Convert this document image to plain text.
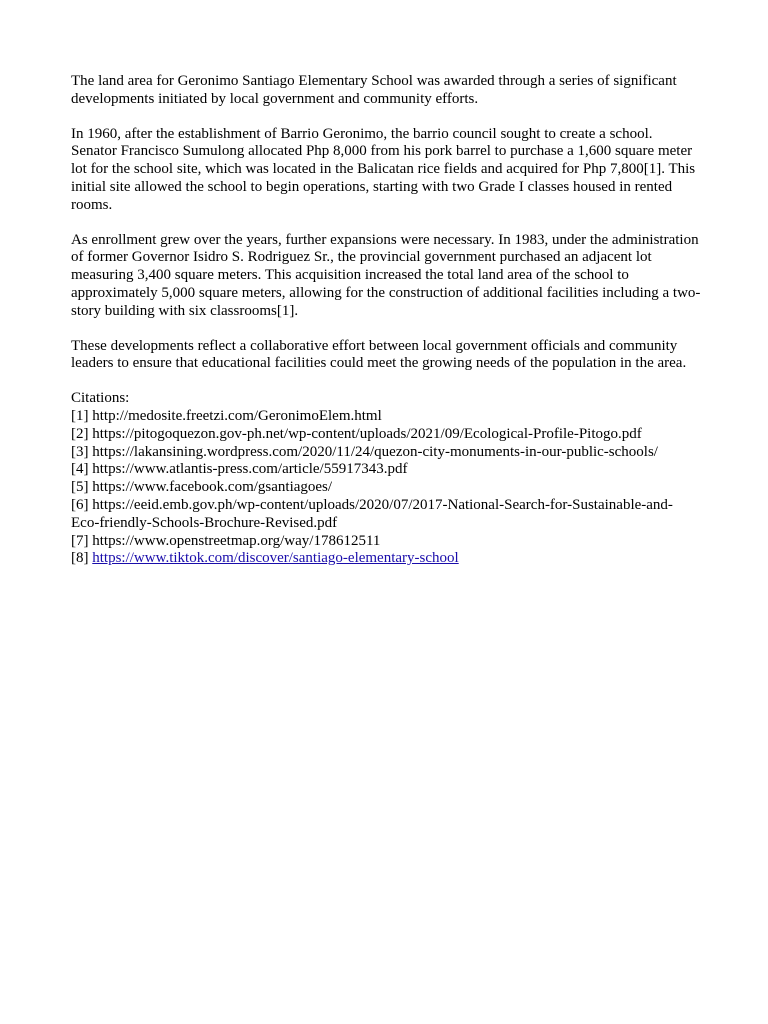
The land area for Geronimo Santiago Elementary School was awarded through a series of significant developments initiated by local government and community efforts.

In 1960, after the establishment of Barrio Geronimo, the barrio council sought to create a school. Senator Francisco Sumulong allocated Php 8,000 from his pork barrel to purchase a 1,600 square meter lot for the school site, which was located in the Balicatan rice fields and acquired for Php 7,800[1]. This initial site allowed the school to begin operations, starting with two Grade I classes housed in rented rooms.

As enrollment grew over the years, further expansions were necessary. In 1983, under the administration of former Governor Isidro S. Rodriguez Sr., the provincial government purchased an adjacent lot measuring 3,400 square meters. This acquisition increased the total land area of the school to approximately 5,000 square meters, allowing for the construction of additional facilities including a two-story building with six classrooms[1].

These developments reflect a collaborative effort between local government officials and community leaders to ensure that educational facilities could meet the growing needs of the population in the area.

Citations:
[1] http://medosite.freetzi.com/GeronimoElem.html
[2] https://pitogoquezon.gov-ph.net/wp-content/uploads/2021/09/Ecological-Profile-Pitogo.pdf
[3] https://lakansining.wordpress.com/2020/11/24/quezon-city-monuments-in-our-public-schools/
[4] https://www.atlantis-press.com/article/55917343.pdf
[5] https://www.facebook.com/gsantiagoes/
[6] https://eeid.emb.gov.ph/wp-content/uploads/2020/07/2017-National-Search-for-Sustainable-and-Eco-friendly-Schools-Brochure-Revised.pdf
[7] https://www.openstreetmap.org/way/178612511
[8] https://www.tiktok.com/discover/santiago-elementary-school
